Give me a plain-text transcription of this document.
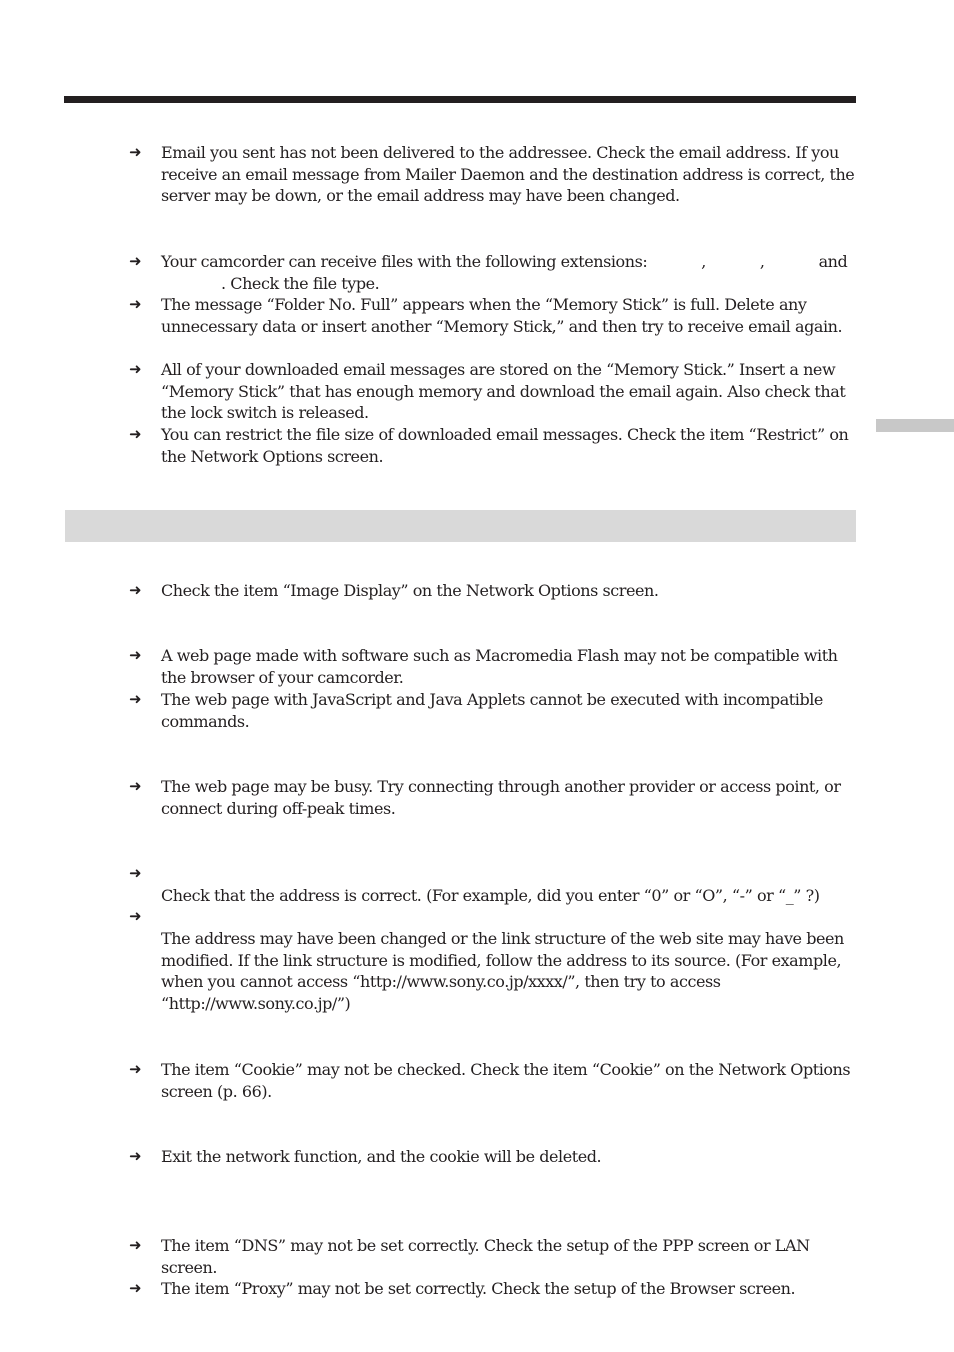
➜ Email you sent has not been delivered to the addressee. Check the email address. If you receive an email message from Mailer Daemon and the destination address is correct, the server may be down, or the email address may have been changed.
➜ Your camcorder can receive files with the following extensions:	,	,	and
. Check the file type.
➜ The message “Folder No. Full” appears when the “Memory Stick” is full. Delete any unnecessary data or insert another “Memory Stick,” and then try to receive email again.
➜ All of your downloaded email messages are stored on the “Memory Stick.” Insert a new “Memory Stick” that has enough memory and download the email again. Also check that the lock switch is released.
➜ You can restrict the file size of downloaded email messages. Check the item “Restrict” on the Network Options screen.
➜ Check the item “Image Display” on the Network Options screen.
➜ A web page made with software such as Macromedia Flash may not be compatible with the browser of your camcorder.
➜ The web page with JavaScript and Java Applets cannot be executed with incompatible commands.
➜ The web page may be busy. Try connecting through another provider or access point, or connect during off-peak times.
➜
Check that the address is correct. (For example, did you enter “0” or “O”, “-” or “_” ?)
➜
The address may have been changed or the link structure of the web site may have been modified. If the link structure is modified, follow the address to its source. (For example, when you cannot access “http://www.sony.co.jp/xxxx/”, then try to access “http://www.sony.co.jp/”)
➜ The item “Cookie” may not be checked. Check the item “Cookie” on the Network Options screen (p. 66).
➜ Exit the network function, and the cookie will be deleted.
➜ The item “DNS” may not be set correctly. Check the setup of the PPP screen or LAN screen.
➜ The item “Proxy” may not be set correctly. Check the setup of the Browser screen.
